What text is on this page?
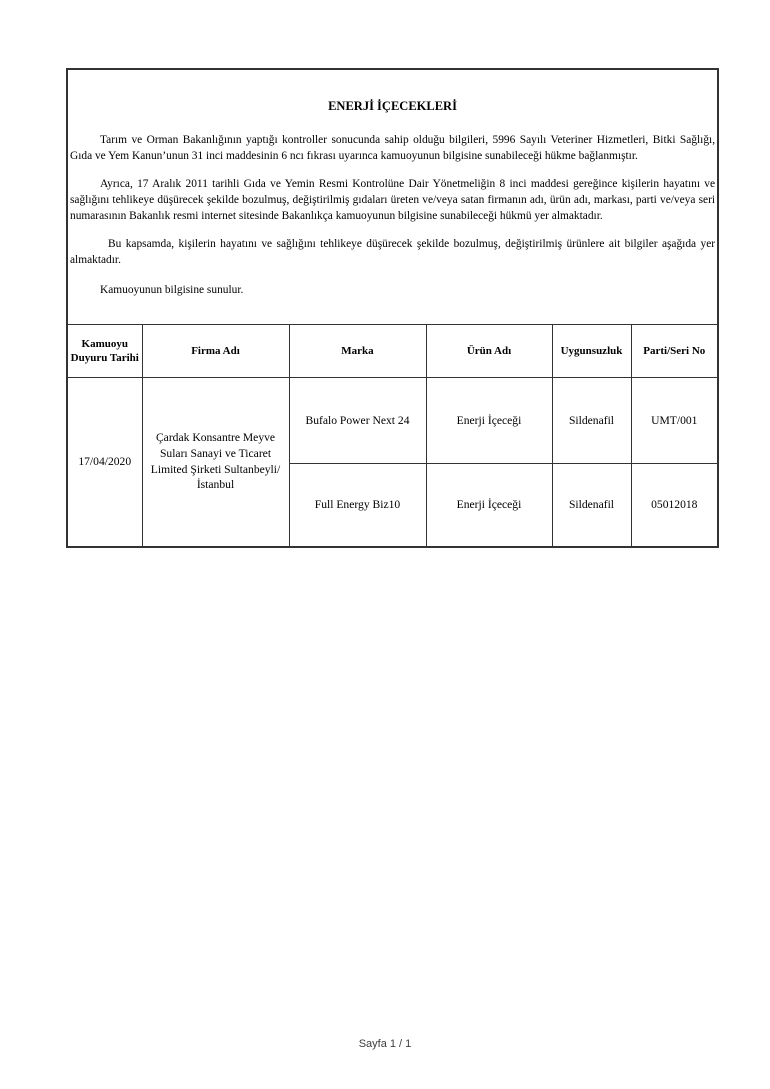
ENERJİ İÇECEKLERİ

Tarım ve Orman Bakanlığının yaptığı kontroller sonucunda sahip olduğu bilgileri, 5996 Sayılı Veteriner Hizmetleri, Bitki Sağlığı, Gıda ve Yem Kanun’unun 31 inci maddesinin 6 ncı fıkrası uyarınca kamuoyunun bilgisine sunabileceği hükme bağlanmıştır.

Ayrıca, 17 Aralık 2011 tarihli Gıda ve Yemin Resmi Kontrolüne Dair Yönetmeliğin 8 inci maddesi gereğince kişilerin hayatını ve sağlığını tehlikeye düşürecek şekilde bozulmuş, değiştirilmiş gıdaları üreten ve/veya satan firmanın adı, ürün adı, markası, parti ve/veya seri numarasının Bakanlık resmi internet sitesinde Bakanlıkça kamuoyunun bilgisine sunabileceği hükmü yer almaktadır.

Bu kapsamda, kişilerin hayatını ve sağlığını tehlikeye düşürecek şekilde bozulmuş, değiştirilmiş ürünlere ait bilgiler aşağıda yer almaktadır.

Kamuoyunun bilgisine sunulur.					

Kamuoyu Duyuru Tarihi	Firma Adı	Marka	Ürün Adı	Uygunsuzluk	Parti/Seri No
17/04/2020	Çardak Konsantre Meyve Suları Sanayi ve Ticaret Limited Şirketi Sultanbeyli/İstanbul	Bufalo Power Next 24	Enerji İçeceği	Sildenafil	UMT/001
		Full Energy Biz10	Enerji İçeceği	Sildenafil	05012018
Sayfa 1 / 1
